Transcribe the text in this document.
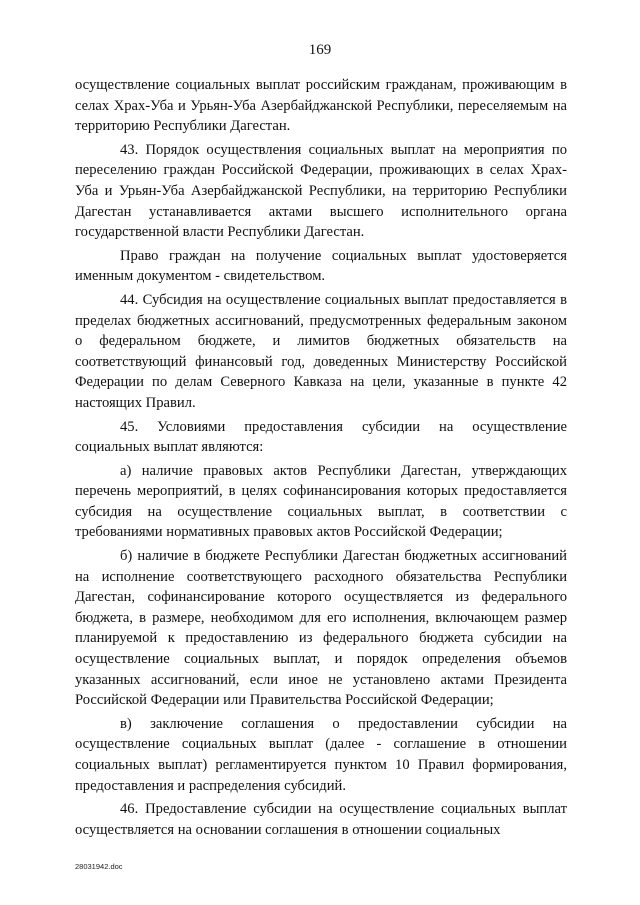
169

осуществление социальных выплат российским гражданам, проживающим в селах Храх-Уба и Урьян-Уба Азербайджанской Республики, переселяемым на территорию Республики Дагестан.

43. Порядок осуществления социальных выплат на мероприятия по переселению граждан Российской Федерации, проживающих в селах Храх-Уба и Урьян-Уба Азербайджанской Республики, на территорию Республики Дагестан устанавливается актами высшего исполнительного органа государственной власти Республики Дагестан.

Право граждан на получение социальных выплат удостоверяется именным документом - свидетельством.

44. Субсидия на осуществление социальных выплат предоставляется в пределах бюджетных ассигнований, предусмотренных федеральным законом о федеральном бюджете, и лимитов бюджетных обязательств на соответствующий финансовый год, доведенных Министерству Российской Федерации по делам Северного Кавказа на цели, указанные в пункте 42 настоящих Правил.

45. Условиями предоставления субсидии на осуществление социальных выплат являются:

а) наличие правовых актов Республики Дагестан, утверждающих перечень мероприятий, в целях софинансирования которых предоставляется субсидия на осуществление социальных выплат, в соответствии с требованиями нормативных правовых актов Российской Федерации;

б) наличие в бюджете Республики Дагестан бюджетных ассигнований на исполнение соответствующего расходного обязательства Республики Дагестан, софинансирование которого осуществляется из федерального бюджета, в размере, необходимом для его исполнения, включающем размер планируемой к предоставлению из федерального бюджета субсидии на осуществление социальных выплат, и порядок определения объемов указанных ассигнований, если иное не установлено актами Президента Российской Федерации или Правительства Российской Федерации;

в) заключение соглашения о предоставлении субсидии на осуществление социальных выплат (далее - соглашение в отношении социальных выплат) регламентируется пунктом 10 Правил формирования, предоставления и распределения субсидий.

46. Предоставление субсидии на осуществление социальных выплат осуществляется на основании соглашения в отношении социальных

28031942.doc
